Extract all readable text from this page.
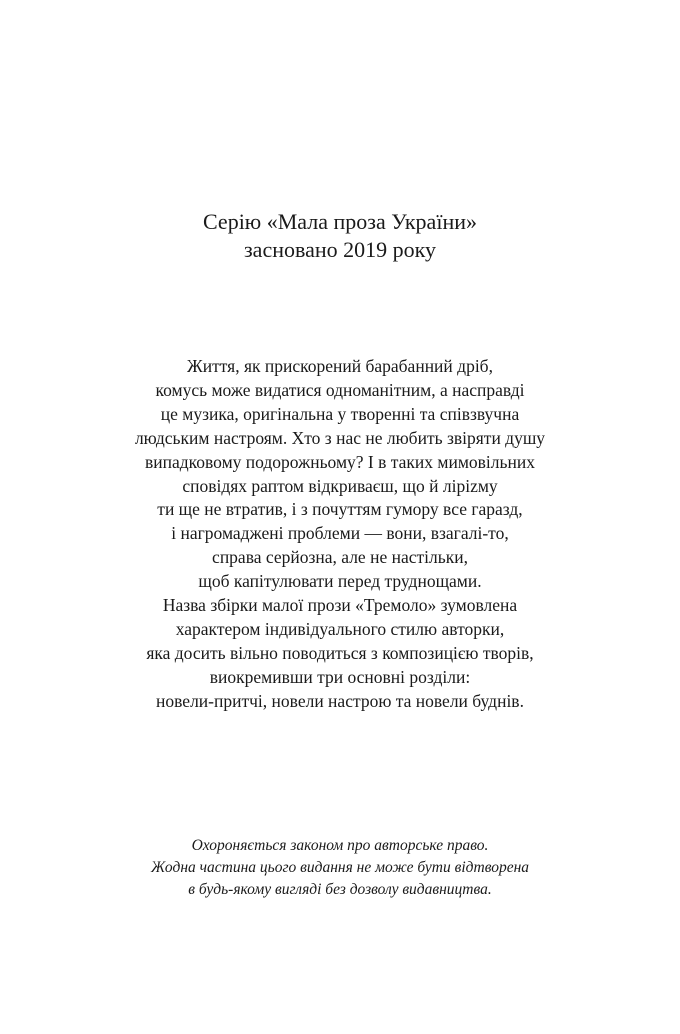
Серію «Мала проза України»
засновано 2019 року
Життя, як прискорений барабанний дріб,
комусь може видатися одноманітним, а насправді
це музика, оригінальна у творенні та співзвучна
людським настроям. Хто з нас не любить звіряти душу
випадковому подорожньому? І в таких мимовільних
сповідях раптом відкриваєш, що й лірizму
ти ще не втратив, і з почуттям гумору все гаразд,
і нагромаджені проблеми — вони, взагалі-то,
справа серйозна, але не настільки,
щоб капітулювати перед труднощами.
Назва збірки малої прози «Тремоло» зумовлена
характером індивідуального стилю авторки,
яка досить вільно поводиться з композицією творів,
виокремивши три основні розділи:
новели-притчі, новели настрою та новели буднів.
Охороняється законом про авторське право.
Жодна частина цього видання не може бути відтворена
в будь-якому вигляді без дозволу видавництва.
